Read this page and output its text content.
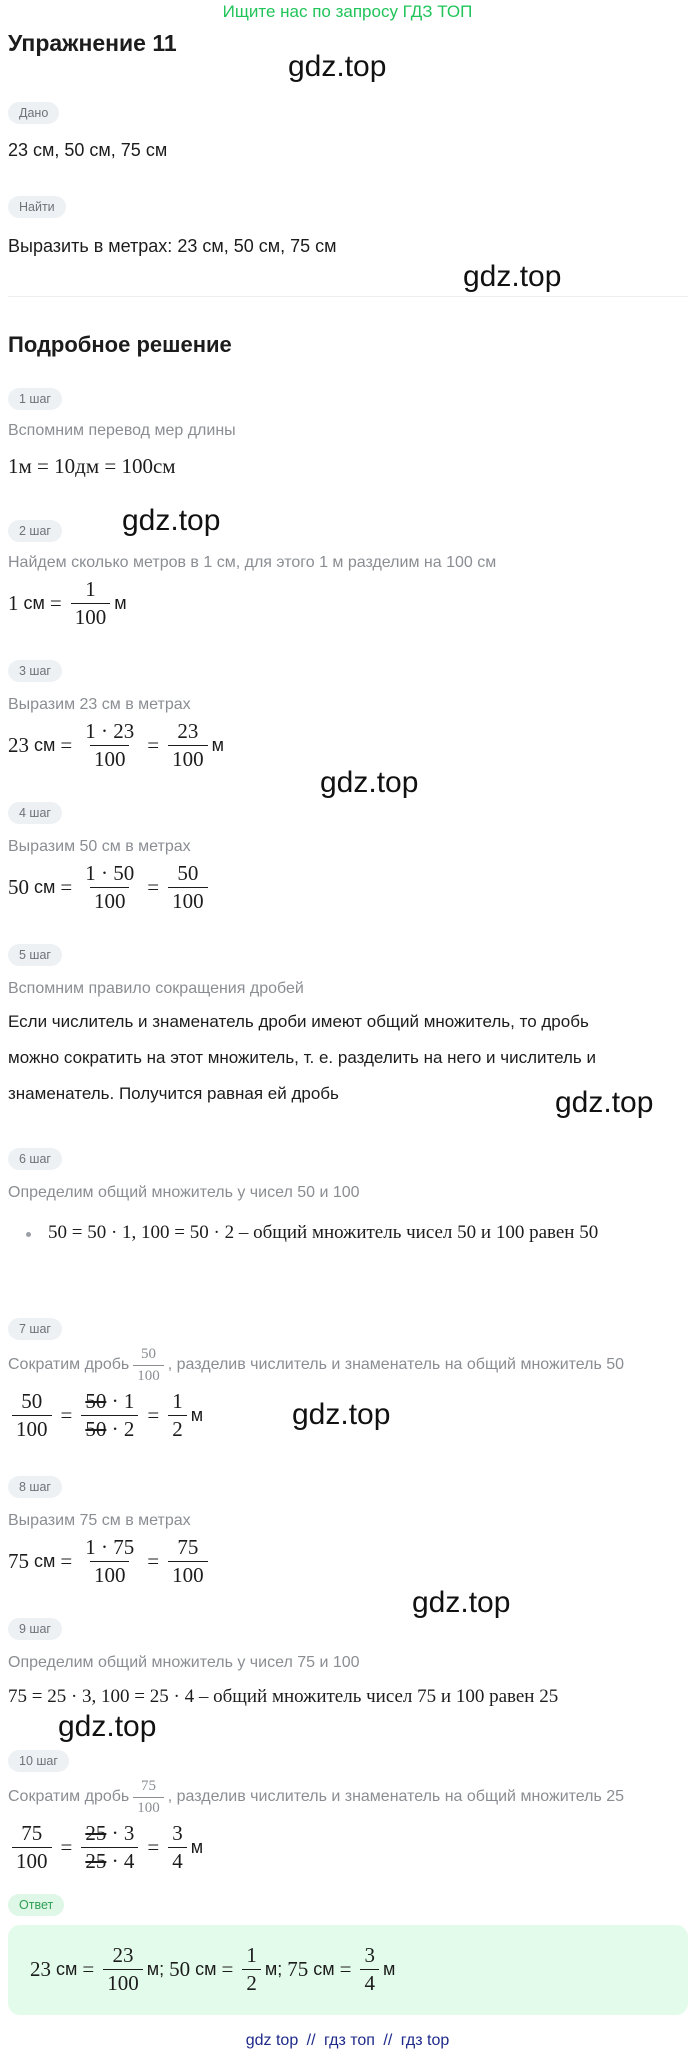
Ищите нас по запросу ГДЗ ТОП
Упражнение 11
gdz.top
gdz.top
gdz.top
gdz.top
gdz.top
gdz.top
gdz.top
gdz.top
Дано
23 см, 50 см, 75 см
Найти
Выразить в метрах: 23 см, 50 см, 75 см
Подробное решение
1 шаг
Вспомним перевод мер длины
1м = 10дм = 100см
2 шаг
Найдем сколько метров в 1 см, для этого 1 м разделим на 100 см
1 см = $\frac{1}{100}$ м
3 шаг
Выразим 23 см в метрах
23 см = $\frac{1 \cdot 23}{100} = \frac{23}{100}$ м
4 шаг
Выразим 50 см в метрах
50 см = $\frac{1 \cdot 50}{100} = \frac{50}{100}$
5 шаг
Вспомним правило сокращения дробей
Если числитель и знаменатель дроби имеют общий множитель, то дробь
можно сократить на этот множитель, т. е. разделить на него и числитель и
знаменатель. Получится равная ей дробь
6 шаг
Определим общий множитель у чисел 50 и 100
50 = 50 · 1, 100 = 50 · 2 – общий множитель чисел 50 и 100 равен 50
7 шаг
Сократим дробь $\frac{50}{100}$ , разделив числитель и знаменатель на общий множитель 50
$\frac{50}{100} = \frac{50 \cdot 1}{50 \cdot 2} = \frac{1}{2}$ м
8 шаг
Выразим 75 см в метрах
75 см = $\frac{1 \cdot 75}{100} = \frac{75}{100}$
9 шаг
Определим общий множитель у чисел 75 и 100
75 = 25 · 3, 100 = 25 · 4 – общий множитель чисел 75 и 100 равен 25
10 шаг
Сократим дробь $\frac{75}{100}$ , разделив числитель и знаменатель на общий множитель 25
$\frac{75}{100} = \frac{25 \cdot 3}{25 \cdot 4} = \frac{3}{4}$ м
Ответ
23 см = $\frac{23}{100} м$; 50 см = $\frac{1}{2} м$; 75 см = $\frac{3}{4}$ м
gdz top // гдз топ // гдз top
